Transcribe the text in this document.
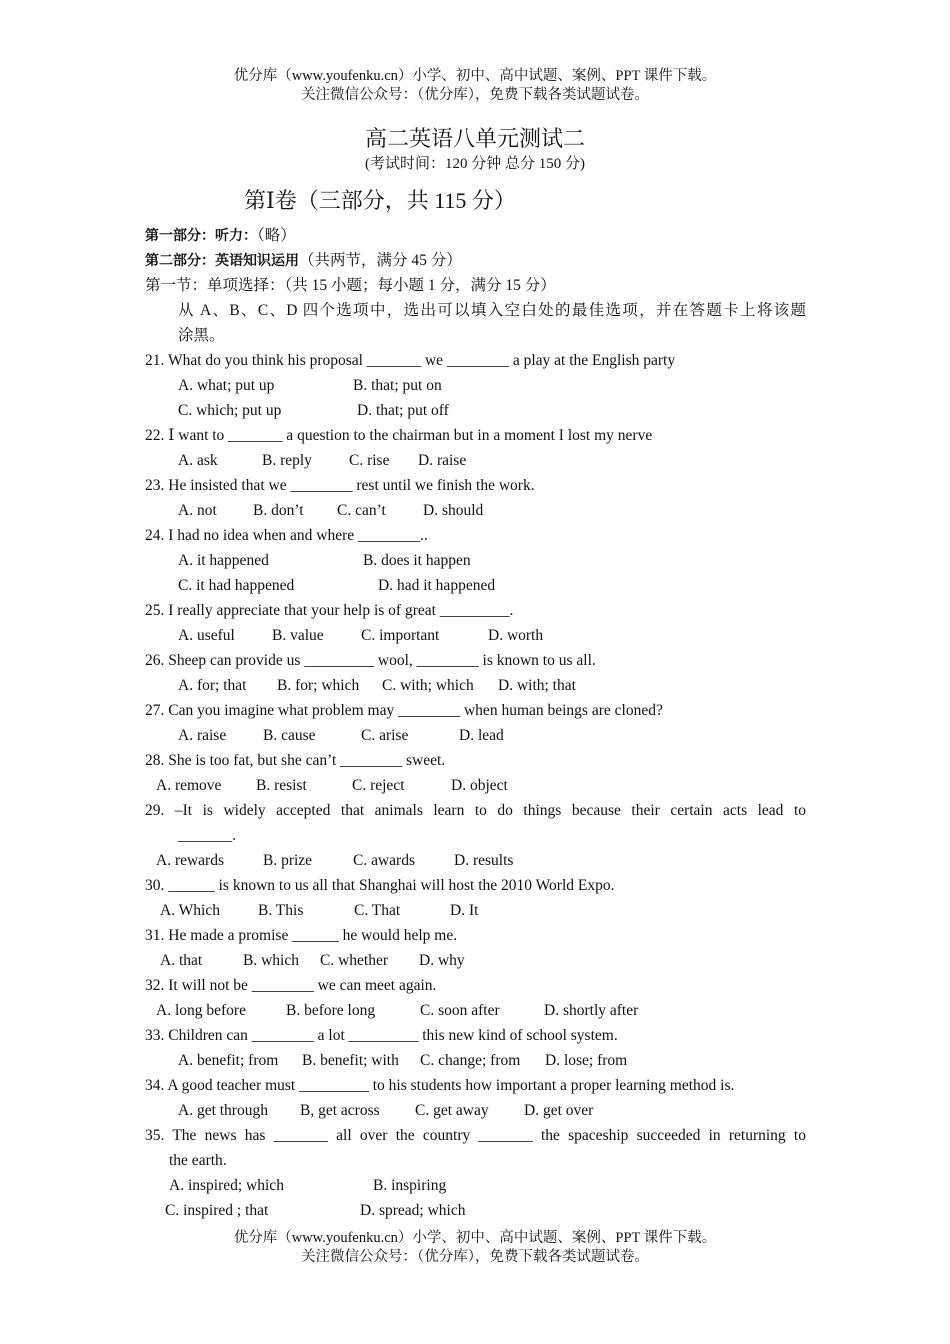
优分库（www.youfenku.cn）小学、初中、高中试题、案例、PPT 课件下载。
关注微信公众号：（优分库），免费下载各类试题试卷。
高二英语八单元测试二
(考试时间：120 分钟 总分 150 分)
第Ⅰ卷（三部分，共 115 分）
第一部分：听力：（略）
第二部分：英语知识运用（共两节，满分 45 分）
第一节：单项选择：（共 15 小题；每小题 1 分，满分 15 分）
从 A、B、C、D 四个选项中，选出可以填入空白处的最佳选项，并在答题卡上将该题
涂黑。
21. What do you think his proposal _______ we ________ a play at the English party
A. what; put up	B. that; put on
C. which; put up	D. that; put off
22. Ⅰ want to _______ a question to the chairman but in a moment I lost my nerve
A. ask	B. reply C. rise D. raise
23. He insisted that we ________ rest until we finish the work.
A. not B. don’t C. can’t D. should
24. I had no idea when and where ________..
A. it happened	B. does it happen
C. it had happened	D. had it happened
25. I really appreciate that your help is of great _________.
A. useful B. value C. important	D. worth
26. Sheep can provide us _________ wool, ________ is known to us all.
A. for; that B. for; which C. with; which D. with; that
27. Can you imagine what problem may ________ when human beings are cloned?
A. raise B. cause	C. arise	D. lead
28. She is too fat, but she can’t ________ sweet.
A. remove B. resist	C. reject	D. object
29. –It is widely accepted that animals learn to do things because their certain acts lead to
_______.
A. rewards	B. prize	C. awards	D. results
30. ______ is known to us all that Shanghai will host the 2010 World Expo.
A. Which B. This	C. That	D. It
31. He made a promise ______ he would help me.
A. that	B. which C. whether D. why
32. It will not be ________ we can meet again.
A. long before	B. before long	C. soon after	D. shortly after
33. Children can ________ a lot _________ this new kind of school system.
A. benefit; from B. benefit; with C. change; from D. lose; from
34. A good teacher must _________ to his students how important a proper learning method is.
A. get through B, get across C. get away D. get over
35. The news has _______ all over the country _______ the spaceship succeeded in returning to
the earth.
A. inspired; which	B. inspiring
C. inspired ; that	D. spread; which
优分库（www.youfenku.cn）小学、初中、高中试题、案例、PPT 课件下载。
关注微信公众号：（优分库），免费下载各类试题试卷。
